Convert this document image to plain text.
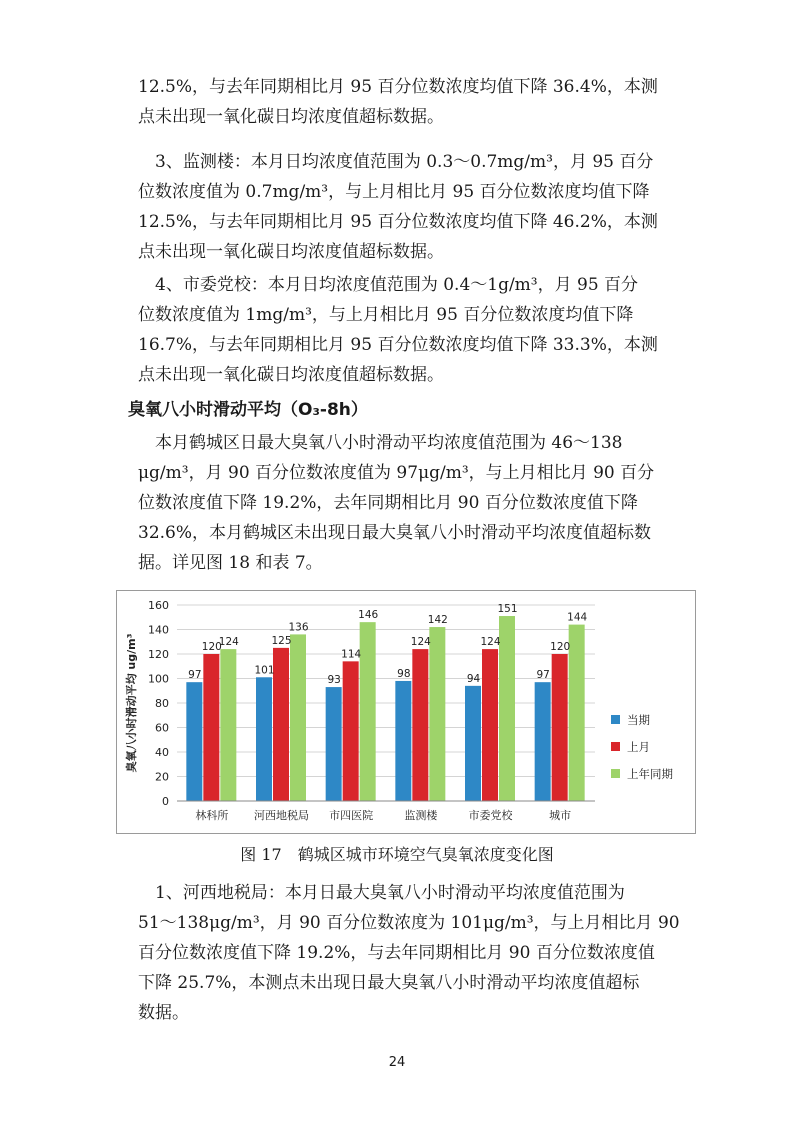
12.5%，与去年同期相比月 95 百分位数浓度均值下降 36.4%，本测
点未出现一氧化碳日均浓度值超标数据。
　3、监测楼：本月日均浓度值范围为 0.3～0.7mg/m³，月 95 百分
位数浓度值为 0.7mg/m³，与上月相比月 95 百分位数浓度均值下降
12.5%，与去年同期相比月 95 百分位数浓度均值下降 46.2%，本测
点未出现一氧化碳日均浓度值超标数据。
　4、市委党校：本月日均浓度值范围为 0.4～1g/m³，月 95 百分
位数浓度值为 1mg/m³，与上月相比月 95 百分位数浓度均值下降
16.7%，与去年同期相比月 95 百分位数浓度均值下降 33.3%，本测
点未出现一氧化碳日均浓度值超标数据。
臭氧八小时滑动平均（O₃-8h）
　本月鹤城区日最大臭氧八小时滑动平均浓度值范围为 46～138
μg/m³，月 90 百分位数浓度值为 97μg/m³，与上月相比月 90 百分
位数浓度值下降 19.2%，去年同期相比月 90 百分位数浓度值下降
32.6%，本月鹤城区未出现日最大臭氧八小时滑动平均浓度值超标数
据。详见图 18 和表 7。
97
120
124
101
125
136
93
114
146
98
124
142
94
124
151
97
120
144
0
20
40
60
80
100
120
140
160
臭氧八小时滑动平均 ug/m³
林科所 河西地税局 市四医院	监测楼	市委党校	城市
当期
上月
上年同期

图 17　鹤城区城市环境空气臭氧浓度变化图

　1、河西地税局：本月日最大臭氧八小时滑动平均浓度值范围为
51～138μg/m³，月 90 百分位数浓度为 101μg/m³，与上月相比月 90
百分位数浓度值下降 19.2%，与去年同期相比月 90 百分位数浓度值
下降 25.7%，本测点未出现日最大臭氧八小时滑动平均浓度值超标
数据。
24
